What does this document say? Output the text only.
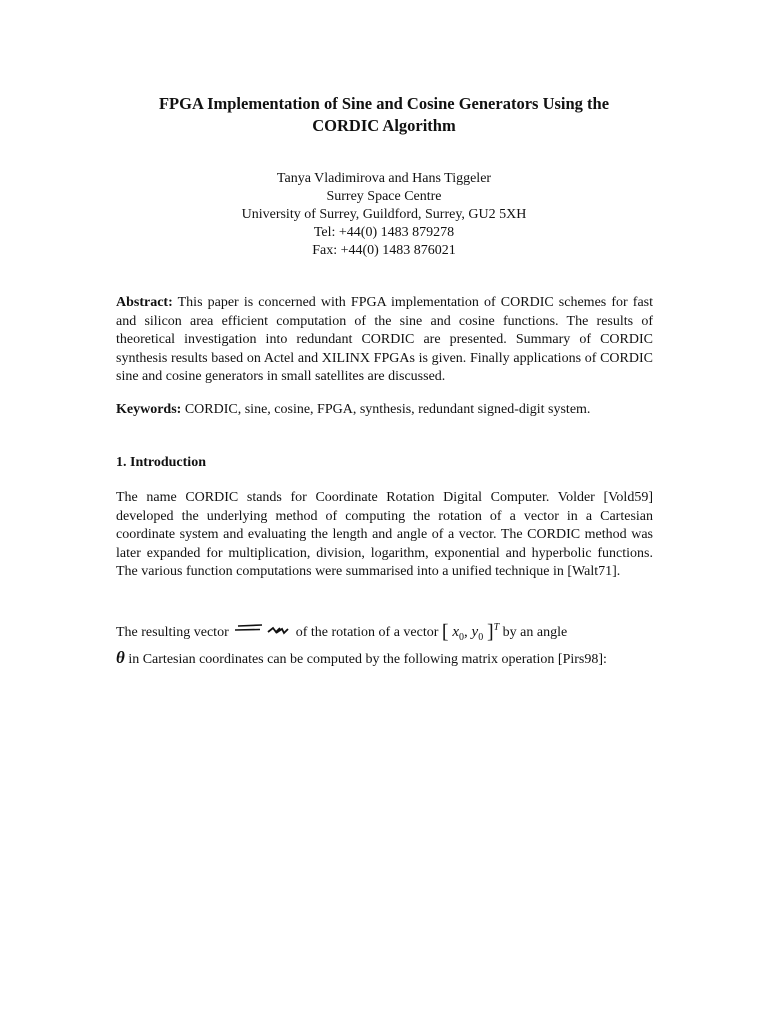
FPGA Implementation of Sine and Cosine Generators Using the
CORDIC Algorithm
Tanya Vladimirova and Hans Tiggeler
Surrey Space Centre
University of Surrey, Guildford, Surrey, GU2 5XH
Tel: +44(0) 1483 879278
Fax: +44(0) 1483 876021
Abstract: This paper is concerned with FPGA implementation of CORDIC schemes for fast and silicon area efficient computation of the sine and cosine functions. The results of theoretical investigation into redundant CORDIC are presented. Summary of CORDIC synthesis results based on Actel and XILINX FPGAs is given. Finally applications of CORDIC sine and cosine generators in small satellites are discussed.
Keywords: CORDIC, sine, cosine, FPGA, synthesis, redundant signed-digit system.
1. Introduction
The name CORDIC stands for Coordinate Rotation Digital Computer. Volder [Vold59] developed the underlying method of computing the rotation of a vector in a Cartesian coordinate system and evaluating the length and angle of a vector. The CORDIC method was later expanded for multiplication, division, logarithm, exponential and hyperbolic functions. The various function computations were summarised into a unified technique in [Walt71].
The resulting vector	of the rotation of a vector [ $x_0$, $y_0$ ]$^T$ by an angle
θ in Cartesian coordinates can be computed by the following matrix operation [Pirs98]:
